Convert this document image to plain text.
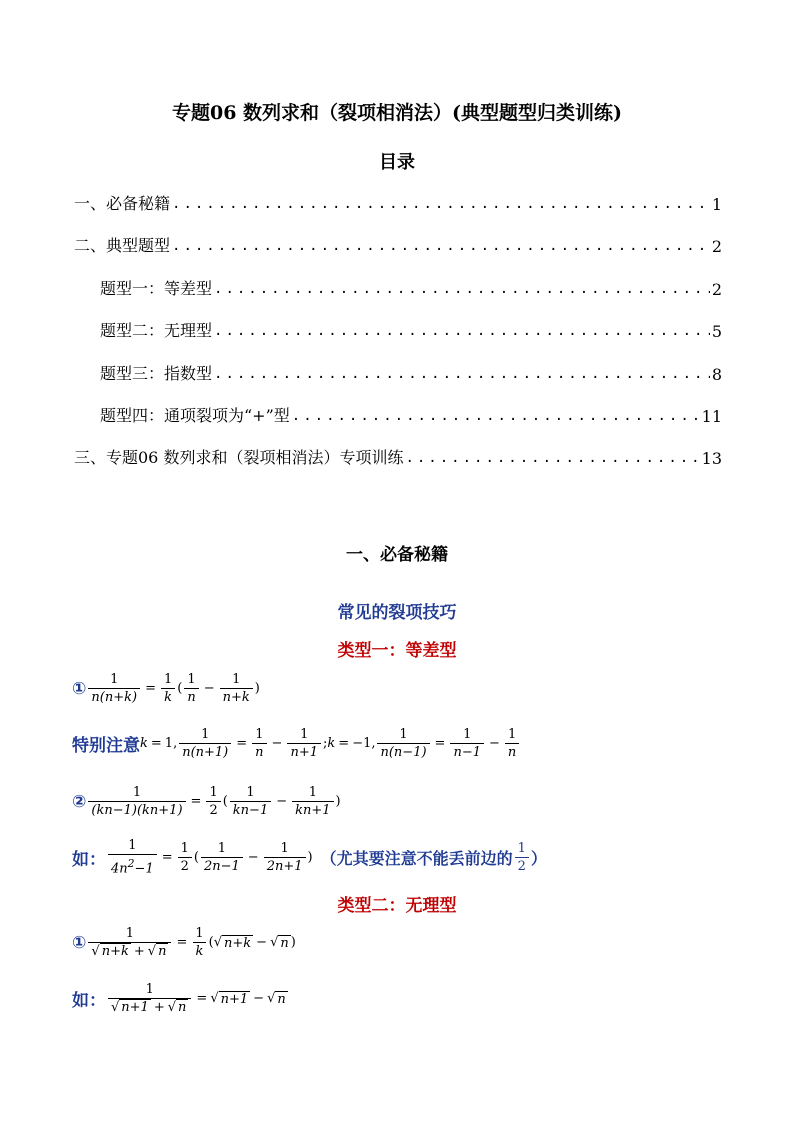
专题06 数列求和（裂项相消法）(典型题型归类训练)
目录
一、必备秘籍 .....	1
二、典型题型 .....	2
题型一：等差型 .....	2
题型二：无理型 .....	5
题型三：指数型 .....	8
题型四：通项裂项为“+”型 .....	11
三、专题06 数列求和（裂项相消法）专项训练 .....	13
一、必备秘籍
常见的裂项技巧
类型一：等差型
① $\frac{1}{n(n+k)} = \frac{1}{k}$ ( $\frac{1}{n} - \frac{1}{n+k}$ )
特别注意 k = 1, $\frac{1}{n(n+1)} = \frac{1}{n} - \frac{1}{n+1}$ ; k = −1, $\frac{1}{n(n-1)} = \frac{1}{n-1} - \frac{1}{n}$
② $\frac{1}{(kn-1)(kn+1)} = \frac{1}{2}$ ( $\frac{1}{kn-1} - \frac{1}{kn+1}$ )
如： $\frac{1}{4n^2-1} = \frac{1}{2}$ ( $\frac{1}{2n-1} - \frac{1}{2n+1}$ ) （尤其要注意不能丢前边的 $\frac{1}{2}$ ）
类型二：无理型
① $\frac{1}{√ n+k + √ n} = \frac{1}{k}$ ( √ n+k − √ n )
如： $\frac{1}{√ n+1 + √ n}$ = √ n+1 − √ n
